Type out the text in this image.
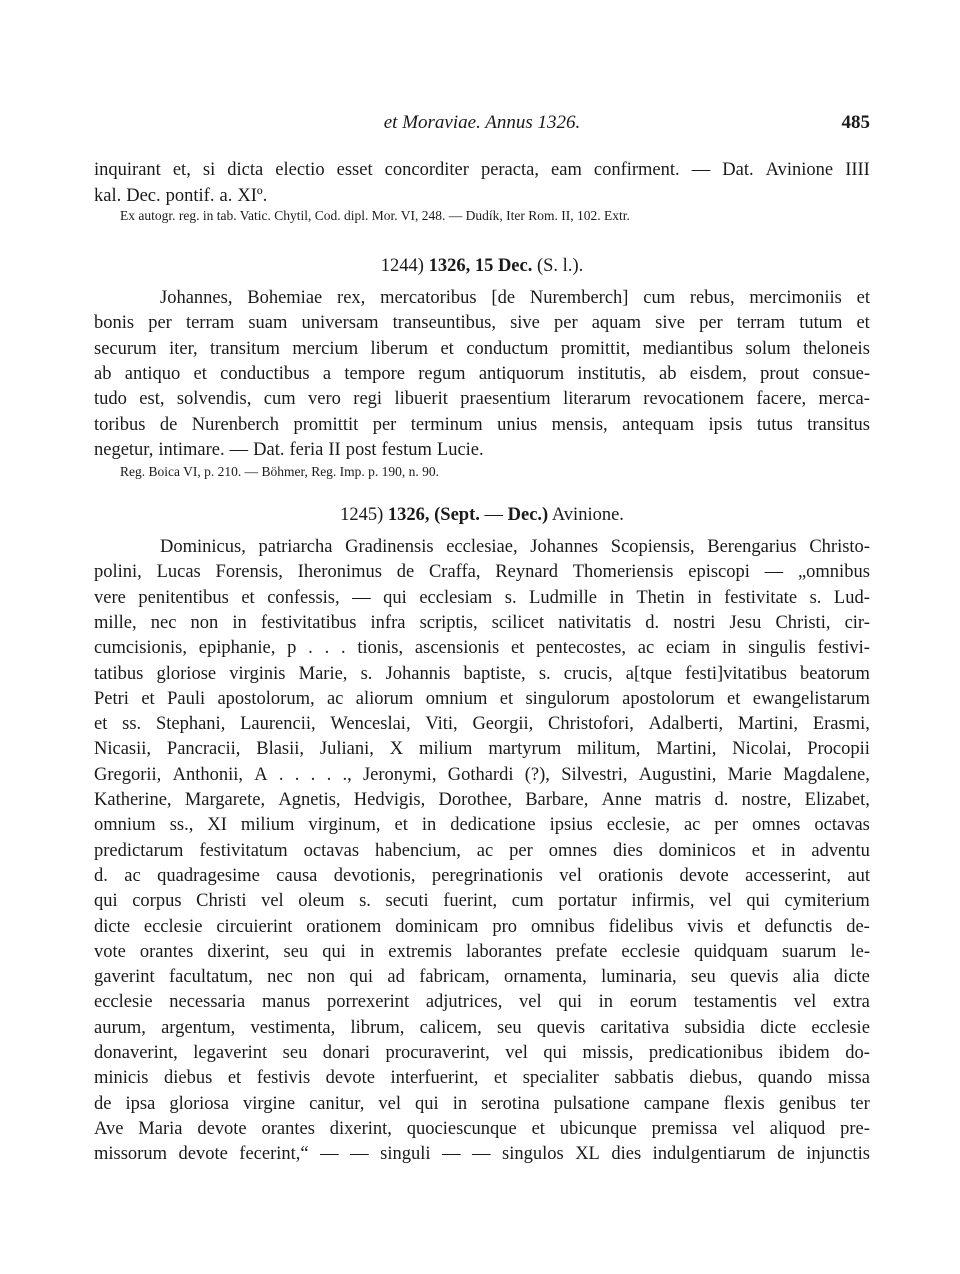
et Moraviae. Annus 1326.	485
inquirant et, si dicta electio esset concorditer peracta, eam confirment. — Dat. Avinione IIII
kal. Dec. pontif. a. XIº.
Ex autogr. reg. in tab. Vatic. Chytil, Cod. dipl. Mor. VI, 248. — Dudík, Iter Rom. II, 102. Extr.
1244) 1326, 15 Dec. (S. l.).
Johannes, Bohemiae rex, mercatoribus [de Nuremberch] cum rebus, mercimoniis et
bonis per terram suam universam transeuntibus, sive per aquam sive per terram tutum et
securum iter, transitum mercium liberum et conductum promittit, mediantibus solum theloneis
ab antiquo et conductibus a tempore regum antiquorum institutis, ab eisdem, prout consue-
tudo est, solvendis, cum vero regi libuerit praesentium literarum revocationem facere, merca-
toribus de Nurenberch promittit per terminum unius mensis, antequam ipsis tutus transitus
negetur, intimare. — Dat. feria II post festum Lucie.
Reg. Boica VI, p. 210. — Böhmer, Reg. Imp. p. 190, n. 90.
1245) 1326, (Sept. — Dec.) Avinione.
Dominicus, patriarcha Gradinensis ecclesiae, Johannes Scopiensis, Berengarius Christo-
polini, Lucas Forensis, Iheronimus de Craffa, Reynard Thomeriensis episcopi — „omnibus
vere penitentibus et confessis, — qui ecclesiam s. Ludmille in Thetin in festivitate s. Lud-
mille, nec non in festivitatibus infra scriptis, scilicet nativitatis d. nostri Jesu Christi, cir-
cumcisionis, epiphanie, p . . . tionis, ascensionis et pentecostes, ac eciam in singulis festivi-
tatibus gloriose virginis Marie, s. Johannis baptiste, s. crucis, a[tque festi]vitatibus beatorum
Petri et Pauli apostolorum, ac aliorum omnium et singulorum apostolorum et ewangelistarum
et ss. Stephani, Laurencii, Wenceslai, Viti, Georgii, Christofori, Adalberti, Martini, Erasmi,
Nicasii, Pancracii, Blasii, Juliani, X milium martyrum militum, Martini, Nicolai, Procopii
Gregorii, Anthonii, A . . . . ., Jeronymi, Gothardi (?), Silvestri, Augustini, Marie Magdalene,
Katherine, Margarete, Agnetis, Hedvigis, Dorothee, Barbare, Anne matris d. nostre, Elizabet,
omnium ss., XI milium virginum, et in dedicatione ipsius ecclesie, ac per omnes octavas
predictarum festivitatum octavas habencium, ac per omnes dies dominicos et in adventu
d. ac quadragesime causa devotionis, peregrinationis vel orationis devote accesserint, aut
qui corpus Christi vel oleum s. secuti fuerint, cum portatur infirmis, vel qui cymiterium
dicte ecclesie circuierint orationem dominicam pro omnibus fidelibus vivis et defunctis de-
vote orantes dixerint, seu qui in extremis laborantes prefate ecclesie quidquam suarum le-
gaverint facultatum, nec non qui ad fabricam, ornamenta, luminaria, seu quevis alia dicte
ecclesie necessaria manus porrexerint adjutrices, vel qui in eorum testamentis vel extra
aurum, argentum, vestimenta, librum, calicem, seu quevis caritativa subsidia dicte ecclesie
donaverint, legaverint seu donari procuraverint, vel qui missis, predicationibus ibidem do-
minicis diebus et festivis devote interfuerint, et specialiter sabbatis diebus, quando missa
de ipsa gloriosa virgine canitur, vel qui in serotina pulsatione campane flexis genibus ter
Ave Maria devote orantes dixerint, quociescunque et ubicunque premissa vel aliquod pre-
missorum devote fecerint,“ — — singuli — — singulos XL dies indulgentiarum de injunctis
